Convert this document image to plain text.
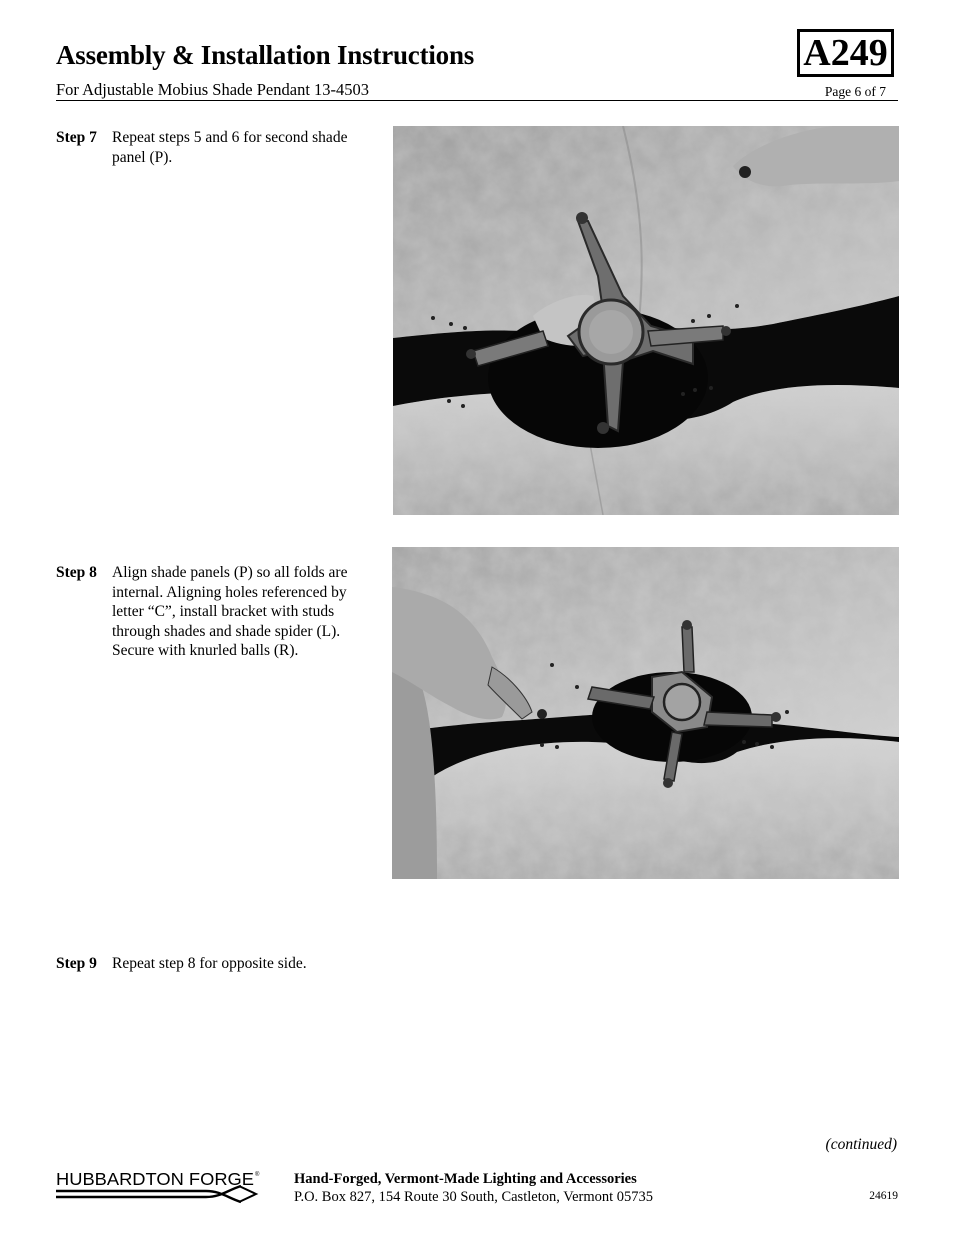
Assembly & Installation Instructions
For Adjustable Mobius Shade Pendant 13-4503	Page 6 of 7
A249
Step 7 Repeat steps 5 and 6 for second shade panel (P).
Step 8 Align shade panels (P) so all folds are internal. Aligning holes referenced by letter “C”, install bracket with studs through shades and shade spider (L). Secure with knurled balls (R).
Step 9 Repeat step 8 for opposite side.
(continued)
HUBBARDTON FORGE ® Hand-Forged, Vermont-Made Lighting and Accessories
P.O. Box 827, 154 Route 30 South, Castleton, Vermont 05735	24619
